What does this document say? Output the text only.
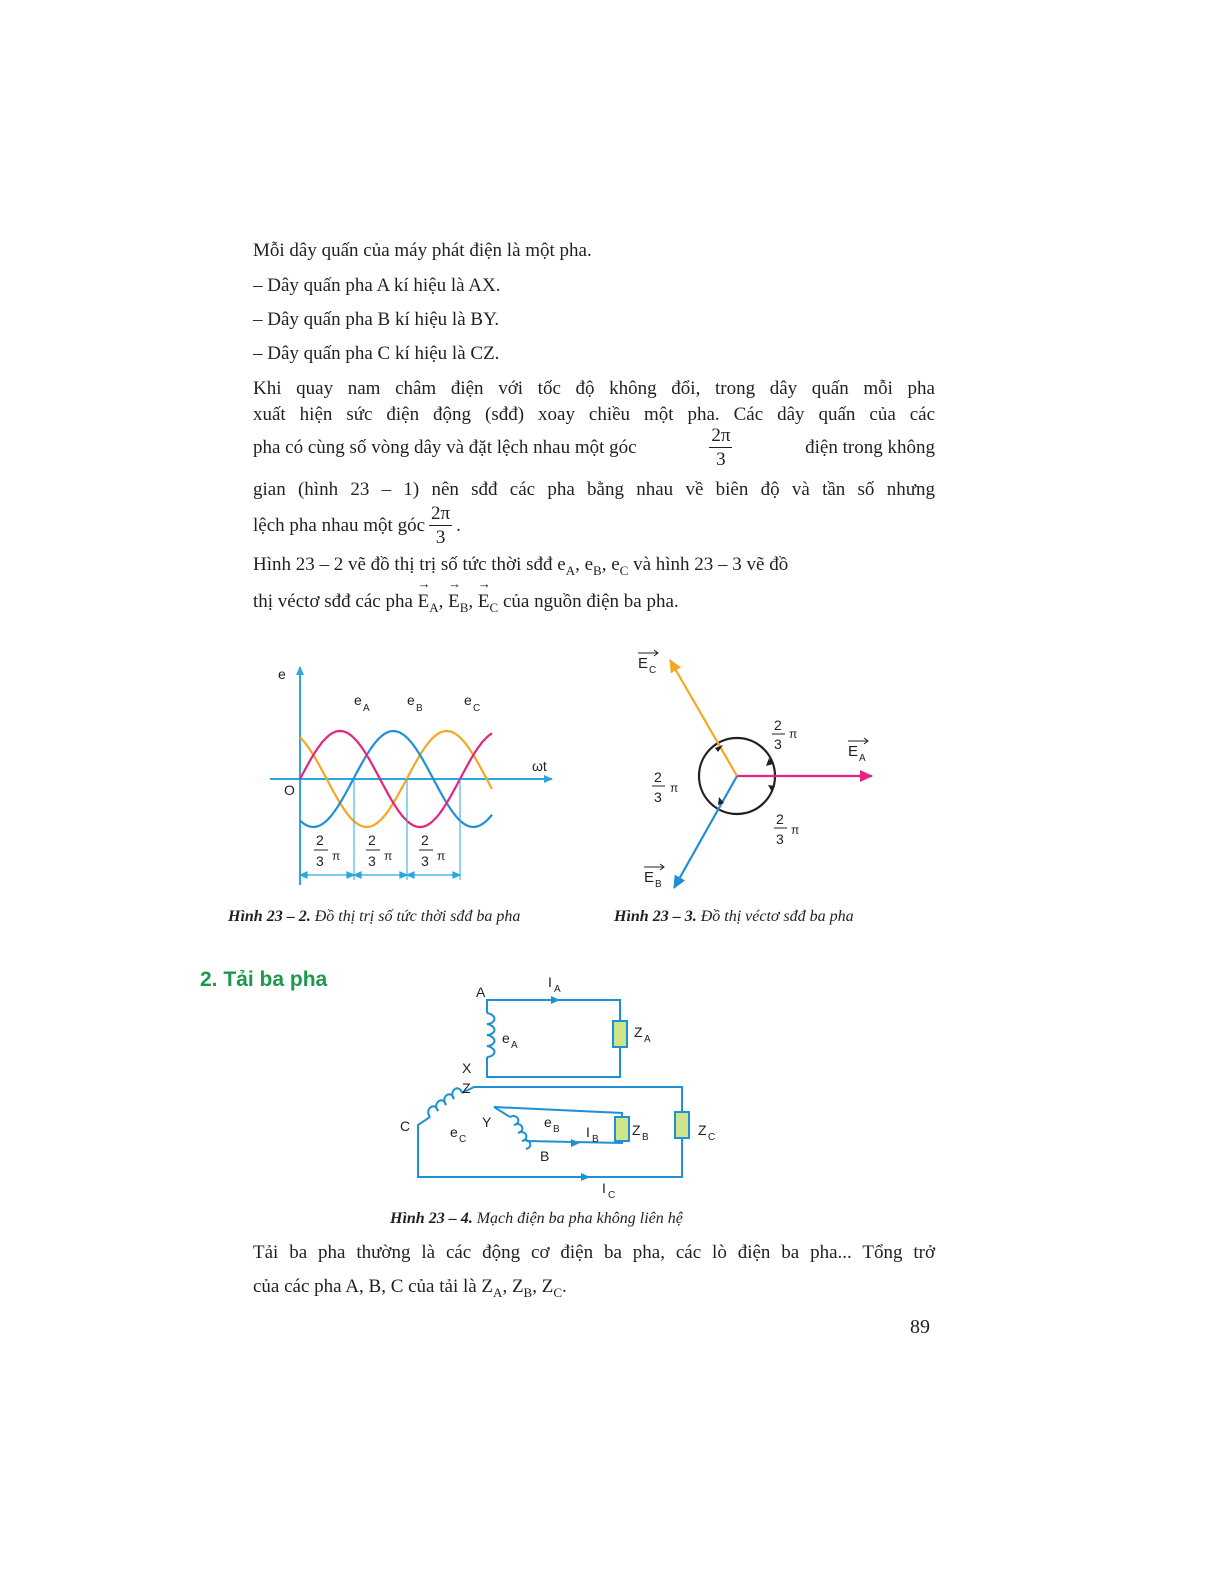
Mỗi dây quấn của máy phát điện là một pha.
– Dây quấn pha A kí hiệu là AX.
– Dây quấn pha B kí hiệu là BY.
– Dây quấn pha C kí hiệu là CZ.
Khi quay nam châm điện với tốc độ không đổi, trong dây quấn mỗi pha
xuất hiện sức điện động (sđđ) xoay chiều một pha. Các dây quấn của các
pha có cùng số vòng dây và đặt lệch nhau một góc	$\frac{2\pi}{3}$	điện trong không
gian (hình 23 – 1) nên sđđ các pha bằng nhau về biên độ và tần số nhưng
lệch pha nhau một góc $\frac{2\pi}{3}$ .
Hình 23 – 2 vẽ đồ thị trị số tức thời sđđ $e_A$, $e_B$, $e_C$ và hình 23 – 3 vẽ đồ
thị véctơ sđđ các pha → $E_A$, → $E_B$, → $E_C$ của nguồn điện ba pha.
e
ωt
O
e
A
e
B
e
C
2
3 π
2
3 π
2
3 π
E C
E A
E B
2
3
π
2
3
π
2
3
π
Hình 23 – 2. Đồ thị trị số tức thời sđđ ba pha	Hình 23 – 3. Đồ thị véctơ sđđ ba pha
2. Tải ba pha
A
X
Z
C	Y
B
I A
e A
Z A
e C
e B I B
Z B	Z C
I C
Hình 23 – 4. Mạch điện ba pha không liên hệ
Tải ba pha thường là các động cơ điện ba pha, các lò điện ba pha... Tổng trở
của các pha A, B, C của tải là $Z_A$, $Z_B$, $Z_C$.
89
